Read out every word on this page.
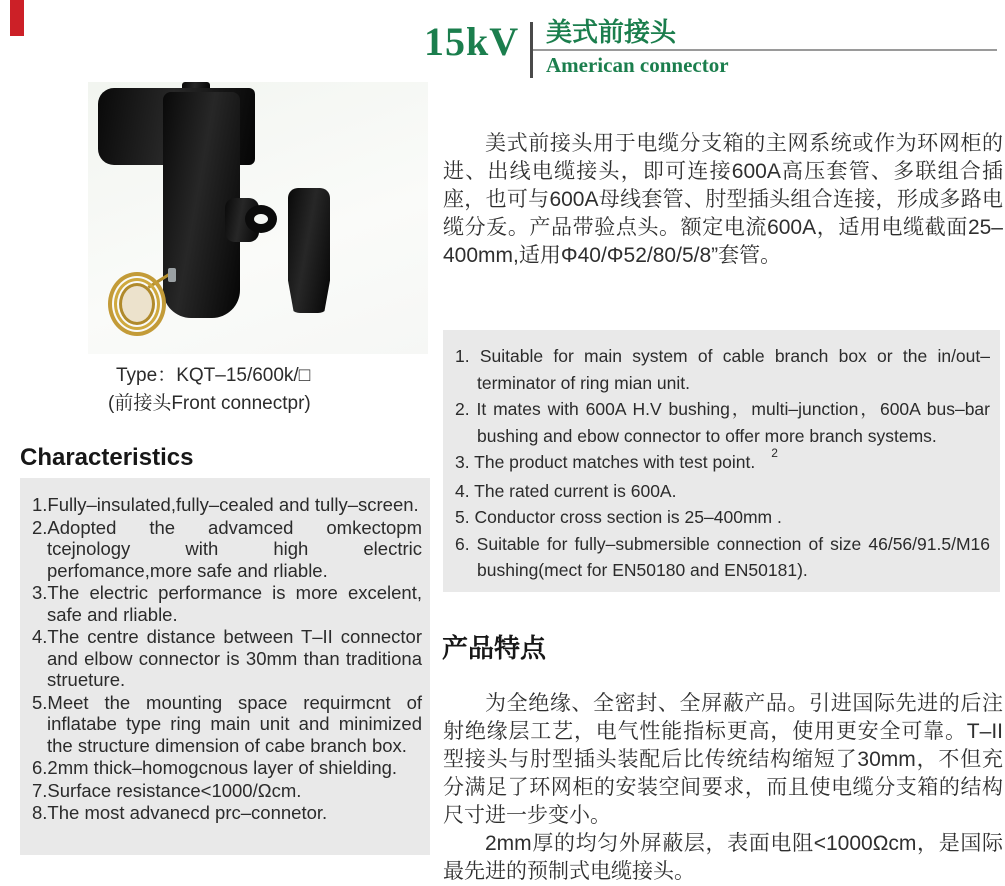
15kV 美式前接头
American connector
Type：KQT–15/600k/□
(前接头Front connectpr)
Characteristics
1.Fully–insulated,fully–cealed and tully–screen.
2.Adopted the advamced omkectopm tcejnology with high electric perfomance,more safe and rliable.
3.The electric performance is more excelent, safe and rliable.
4.The centre distance between T–II connector and elbow connector is 30mm than traditiona strueture.
5.Meet the mounting space requirmcnt of inflatabe type ring main unit and minimized the structure dimension of cabe branch box.
6.2mm thick–homogcnous layer of shielding.
7.Surface resistance<1000/Ωcm.
8.The most advanecd prc–connetor.
美式前接头用于电缆分支箱的主网系统或作为环网柜的进、出线电缆接头，即可连接600A高压套管、多联组合插座，也可与600A母线套管、肘型插头组合连接，形成多路电缆分叐。产品带验点头。额定电流600A，适用电缆截面25–400mm,适用Φ40/Φ52/80/5/8”套管。
1. Suitable for main system of cable branch box or the in/out–terminator of ring mian unit.
2. It mates with 600A H.V bushing，multi–junction，600A bus–bar bushing and ebow connector to offer more branch systems.
3. The product matches with test point. $^2$
4. The rated current is 600A.
5. Conductor cross section is 25–400mm .
6. Suitable for fully–submersible connection of size 46/56/91.5/M16 bushing(mect for EN50180 and EN50181).
产品特点

为全绝缘、全密封、全屏蔽产品。引进国际先进的后注射绝缘层工艺，电气性能指标更高，使用更安全可靠。T–II型接头与肘型插头装配后比传统结构缩短了30mm，不但充分满足了环网柜的安装空间要求，而且使电缆分支箱的结构尺寸进一步变小。

2mm厚的均匀外屏蔽层，表面电阻<1000Ωcm，是国际最先进的预制式电缆接头。
